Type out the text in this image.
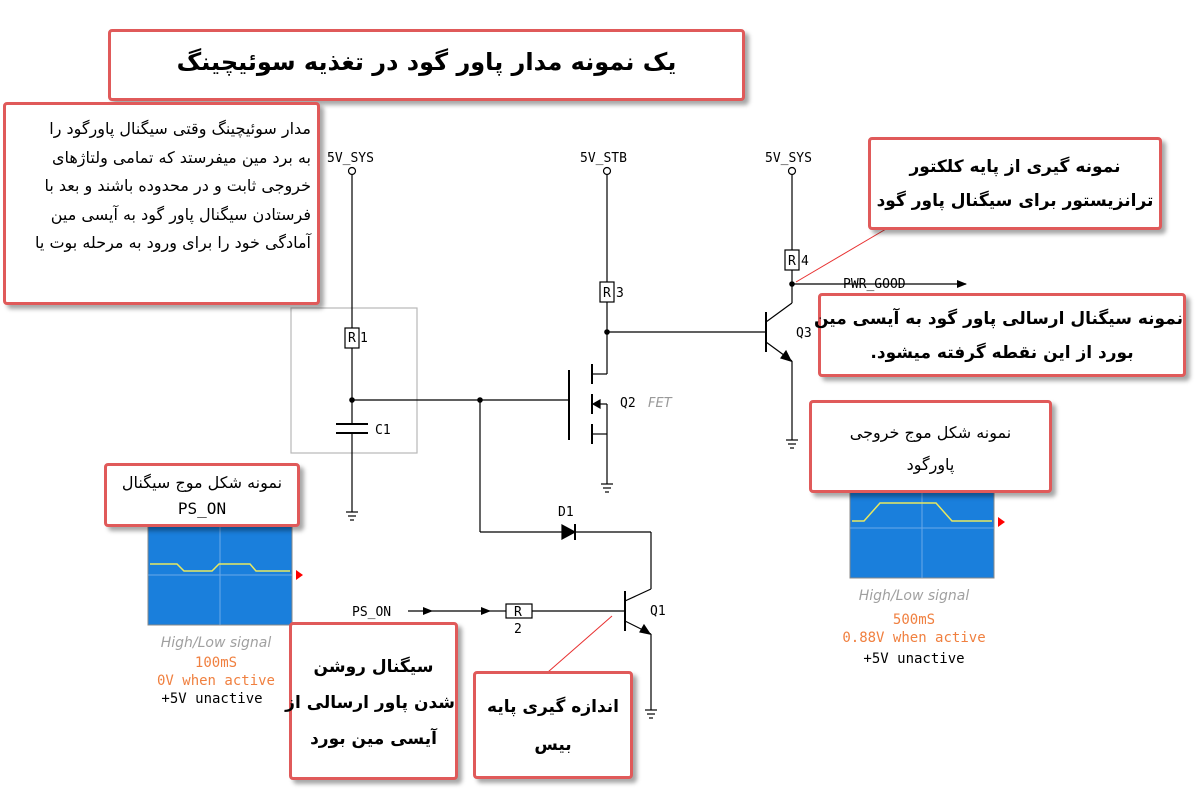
5V_SYS	5V_STB	5V_SYS
R 1
C1
R 3
R 4
PWR_GOOD
Q3
Q2 FET
D1
PS_ON	R
2
Q1
High/Low signal
100mS
0V when active
+5V unactive
High/Low signal
500mS
0.88V when active
+5V unactive
یک نمونه مدار پاور گود در تغذیه سوئیچینگ
مدار سوئیچینگ وقتی سیگنال پاورگود را
به برد مین میفرستد که تمامی ولتاژهای
خروجی ثابت و در محدوده باشند و بعد با
فرستادن سیگنال پاور گود به آیسی مین
آمادگی خود را برای ورود به مرحله بوت یا
نمونه گیری از پایه کلکتور
ترانزیستور برای سیگنال پاور گود
نمونه سیگنال ارسالی پاور گود به آیسی مین
بورد از این نقطه گرفته میشود.
نمونه شکل موج خروجی
پاورگود
نمونه شکل موج سیگنال
PS_ON
سیگنال روشن
شدن پاور ارسالی از
آیسی مین بورد
اندازه گیری پایه
بیس
